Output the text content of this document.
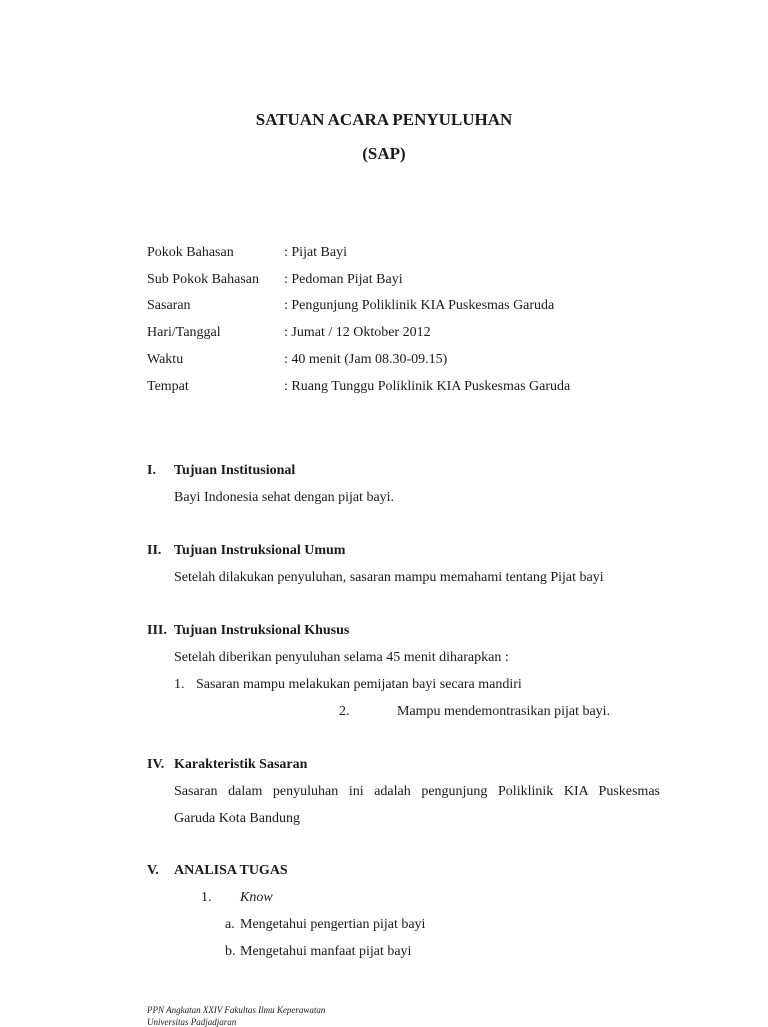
SATUAN ACARA PENYULUHAN
(SAP)
Pokok Bahasan	: Pijat Bayi
Sub Pokok Bahasan : Pedoman Pijat Bayi
Sasaran	: Pengunjung Poliklinik KIA Puskesmas Garuda
Hari/Tanggal	: Jumat / 12 Oktober 2012
Waktu	: 40 menit (Jam 08.30-09.15)
Tempat	: Ruang Tunggu Poliklinik KIA Puskesmas Garuda
I. Tujuan Institusional
Bayi Indonesia sehat dengan pijat bayi.
II. Tujuan Instruksional Umum
Setelah dilakukan penyuluhan, sasaran mampu memahami tentang Pijat bayi
III. Tujuan Instruksional Khusus
Setelah diberikan penyuluhan selama 45 menit diharapkan :
1. Sasaran mampu melakukan pemijatan bayi secara mandiri
2.	Mampu mendemontrasikan pijat bayi.
IV. Karakteristik Sasaran
Sasaran dalam penyuluhan ini adalah pengunjung Poliklinik KIA Puskesmas
Garuda Kota Bandung
V. ANALISA TUGAS
1. Know
a. Mengetahui pengertian pijat bayi
b. Mengetahui manfaat pijat bayi
PPN Angkatan XXIV Fakultas Ilmu Keperawatan
Universitas Padjadjaran
